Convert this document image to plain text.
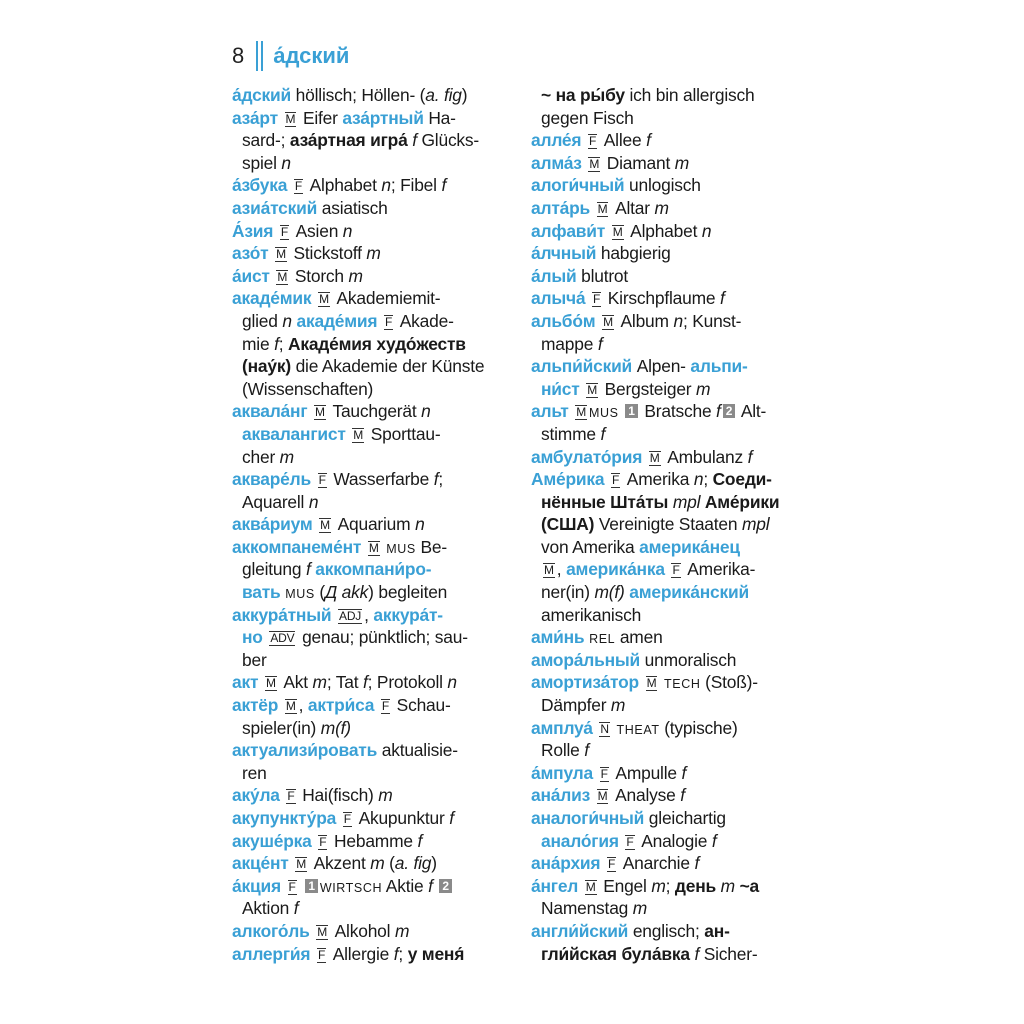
8 а́дский
а́дский höllisch; Höllen- (a. fig)
аза́рт M Eifer аза́ртный Ha-
sard-; аза́ртная игра́ f Glücks-
spiel n
а́збука F Alphabet n; Fibel f
азиа́тский asiatisch
А́зия F Asien n
азо́т M Stickstoff m
а́ист M Storch m
акаде́мик M Akademiemit-
glied n акаде́мия F Akade-
mie f; Акаде́мия худо́жеств
(нау́к) die Akademie der Künste
(Wissenschaften)
аквала́нг M Tauchgerät n
аквалангист M Sporttau-
cher m
акваре́ль F Wasserfarbe f;
Aquarell n
аква́риум M Aquarium n
аккомпанеме́нт M MUS Be-
gleitung f аккомпани́ро-
вать MUS (Д akk) begleiten
аккура́тный ADJ , аккура́т-
но ADV genau; pünktlich; sau-
ber
акт M Akt m; Tat f; Protokoll n
актёр M , актри́са F Schau-
spieler(in) m(f)
актуализи́ровать aktualisie-
ren
аку́ла F Hai(fisch) m
акупункту́ра F Akupunktur f
акуше́рка F Hebamme f
акце́нт M Akzent m (a. fig)
а́кция F 1 WIRTSCH Aktie f 2
Aktion f
алкого́ль M Alkohol m
аллерги́я F Allergie f; у меня́
~ на ры́бу ich bin allergisch
gegen Fisch
алле́я F Allee f
алма́з M Diamant m
алоги́чный unlogisch
алта́рь M Altar m
алфави́т M Alphabet n
а́лчный habgierig
а́лый blutrot
алыча́ F Kirschpflaume f
альбо́м M Album n; Kunst-
mappe f
альпи́йский Alpen- альпи-
ни́ст M Bergsteiger m
альт M MUS 1 Bratsche f 2 Alt-
stimme f
амбулато́рия M Ambulanz f
Аме́рика F Amerika n; Соеди-
нённые Шта́ты mpl Аме́рики
(США) Vereinigte Staaten mpl
von Amerika америка́нец
M , америка́нка F Amerika-
ner(in) m(f) америка́нский
amerikanisch
ами́нь REL amen
амора́льный unmoralisch
амортиза́тор M TECH (Stoß)-
Dämpfer m
амплуа́ N THEAT (typische)
Rolle f
а́мпула F Ampulle f
ана́лиз M Analyse f
аналоги́чный gleichartig
анало́гия F Analogie f
ана́рхия F Anarchie f
а́нгел M Engel m; день m ~а
Namenstag m
англи́йский englisch; ан-
гли́йская була́вка f Sicher-
